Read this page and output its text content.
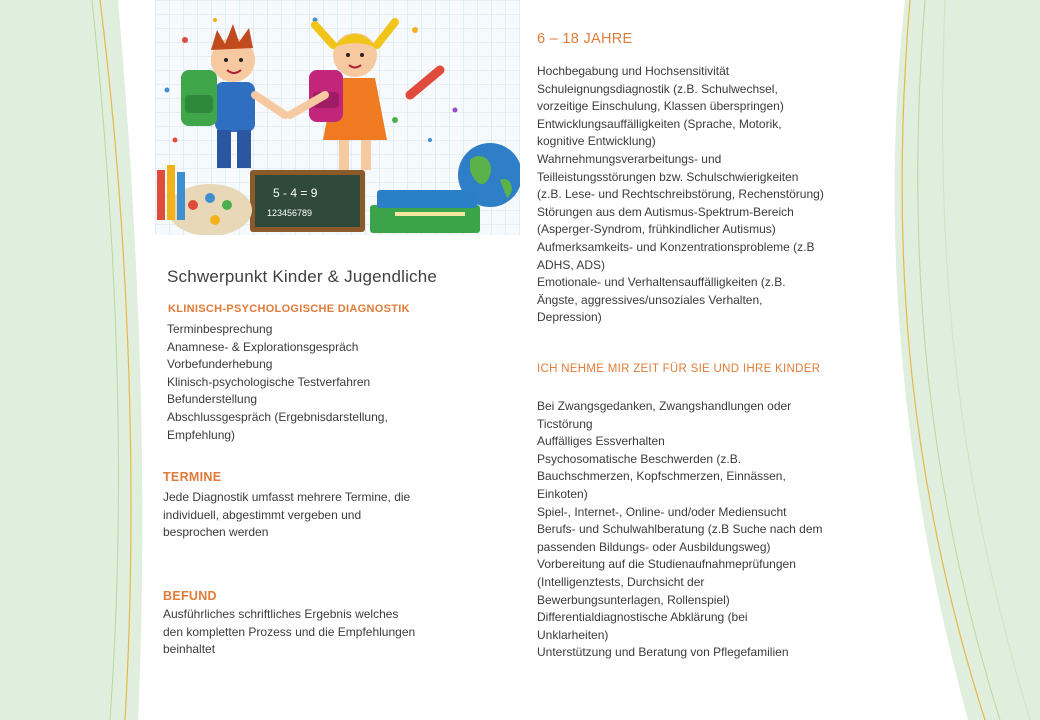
5 - 4 = 9
123456789
Schwerpunkt Kinder & Jugendliche
KLINISCH-PSYCHOLOGISCHE DIAGNOSTIK
Terminbesprechung
Anamnese- & Explorationsgespräch
Vorbefunderhebung
Klinisch-psychologische Testverfahren
Befunderstellung
Abschlussgespräch (Ergebnisdarstellung,
Empfehlung)
TERMINE
Jede Diagnostik umfasst mehrere Termine, die
individuell, abgestimmt vergeben und
besprochen werden
BEFUND
Ausführliches schriftliches Ergebnis welches
den kompletten Prozess und die Empfehlungen
beinhaltet
6 – 18 JAHRE
Hochbegabung und Hochsensitivität
Schuleignungsdiagnostik (z.B. Schulwechsel,
vorzeitige Einschulung, Klassen überspringen)
Entwicklungsauffälligkeiten (Sprache, Motorik,
kognitive Entwicklung)
Wahrnehmungsverarbeitungs- und
Teilleistungsstörungen bzw. Schulschwierigkeiten
(z.B. Lese- und Rechtschreibstörung, Rechenstörung)
Störungen aus dem Autismus-Spektrum-Bereich
(Asperger-Syndrom, frühkindlicher Autismus)
Aufmerksamkeits- und Konzentrationsprobleme (z.B
ADHS, ADS)
Emotionale- und Verhaltensauffälligkeiten (z.B.
Ängste, aggressives/unsoziales Verhalten,
Depression)
ICH NEHME MIR ZEIT FÜR SIE UND IHRE KINDER
Bei Zwangsgedanken, Zwangshandlungen oder
Ticstörung
Auffälliges Essverhalten
Psychosomatische Beschwerden (z.B.
Bauchschmerzen, Kopfschmerzen, Einnässen,
Einkoten)
Spiel-, Internet-, Online- und/oder Mediensucht
Berufs- und Schulwahlberatung (z.B Suche nach dem
passenden Bildungs- oder Ausbildungsweg)
Vorbereitung auf die Studienaufnahmeprüfungen
(Intelligenztests, Durchsicht der
Bewerbungsunterlagen, Rollenspiel)
Differentialdiagnostische Abklärung (bei
Unklarheiten)
Unterstützung und Beratung von Pflegefamilien
